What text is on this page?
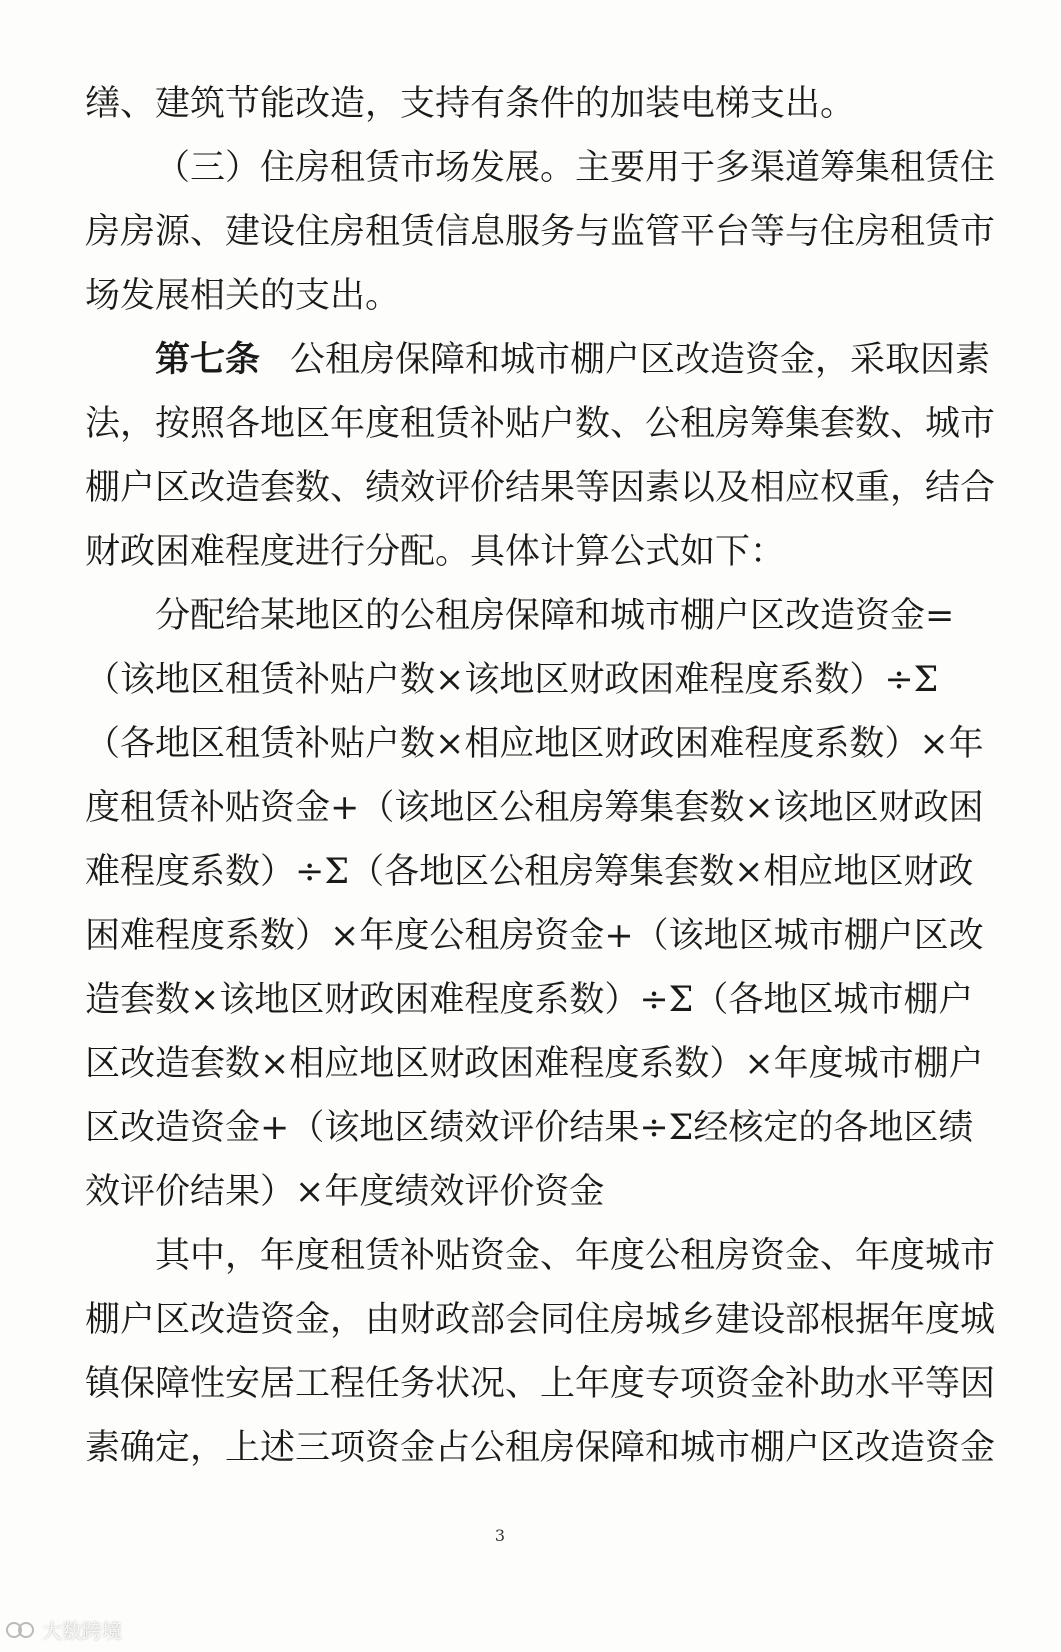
缮、建筑节能改造，支持有条件的加装电梯支出。
（三）住房租赁市场发展。主要用于多渠道筹集租赁住
房房源、建设住房租赁信息服务与监管平台等与住房租赁市
场发展相关的支出。
第七条 公租房保障和城市棚户区改造资金，采取因素
法，按照各地区年度租赁补贴户数、公租房筹集套数、城市
棚户区改造套数、绩效评价结果等因素以及相应权重，结合
财政困难程度进行分配。具体计算公式如下：
分配给某地区的公租房保障和城市棚户区改造资金=
（该地区租赁补贴户数×该地区财政困难程度系数）÷Σ
（各地区租赁补贴户数×相应地区财政困难程度系数）×年
度租赁补贴资金+（该地区公租房筹集套数×该地区财政困
难程度系数）÷Σ（各地区公租房筹集套数×相应地区财政
困难程度系数）×年度公租房资金+（该地区城市棚户区改
造套数×该地区财政困难程度系数）÷Σ（各地区城市棚户
区改造套数×相应地区财政困难程度系数）×年度城市棚户
区改造资金+（该地区绩效评价结果÷Σ经核定的各地区绩
效评价结果）×年度绩效评价资金
其中，年度租赁补贴资金、年度公租房资金、年度城市
棚户区改造资金，由财政部会同住房城乡建设部根据年度城
镇保障性安居工程任务状况、上年度专项资金补助水平等因
素确定，上述三项资金占公租房保障和城市棚户区改造资金
3
大数跨境
